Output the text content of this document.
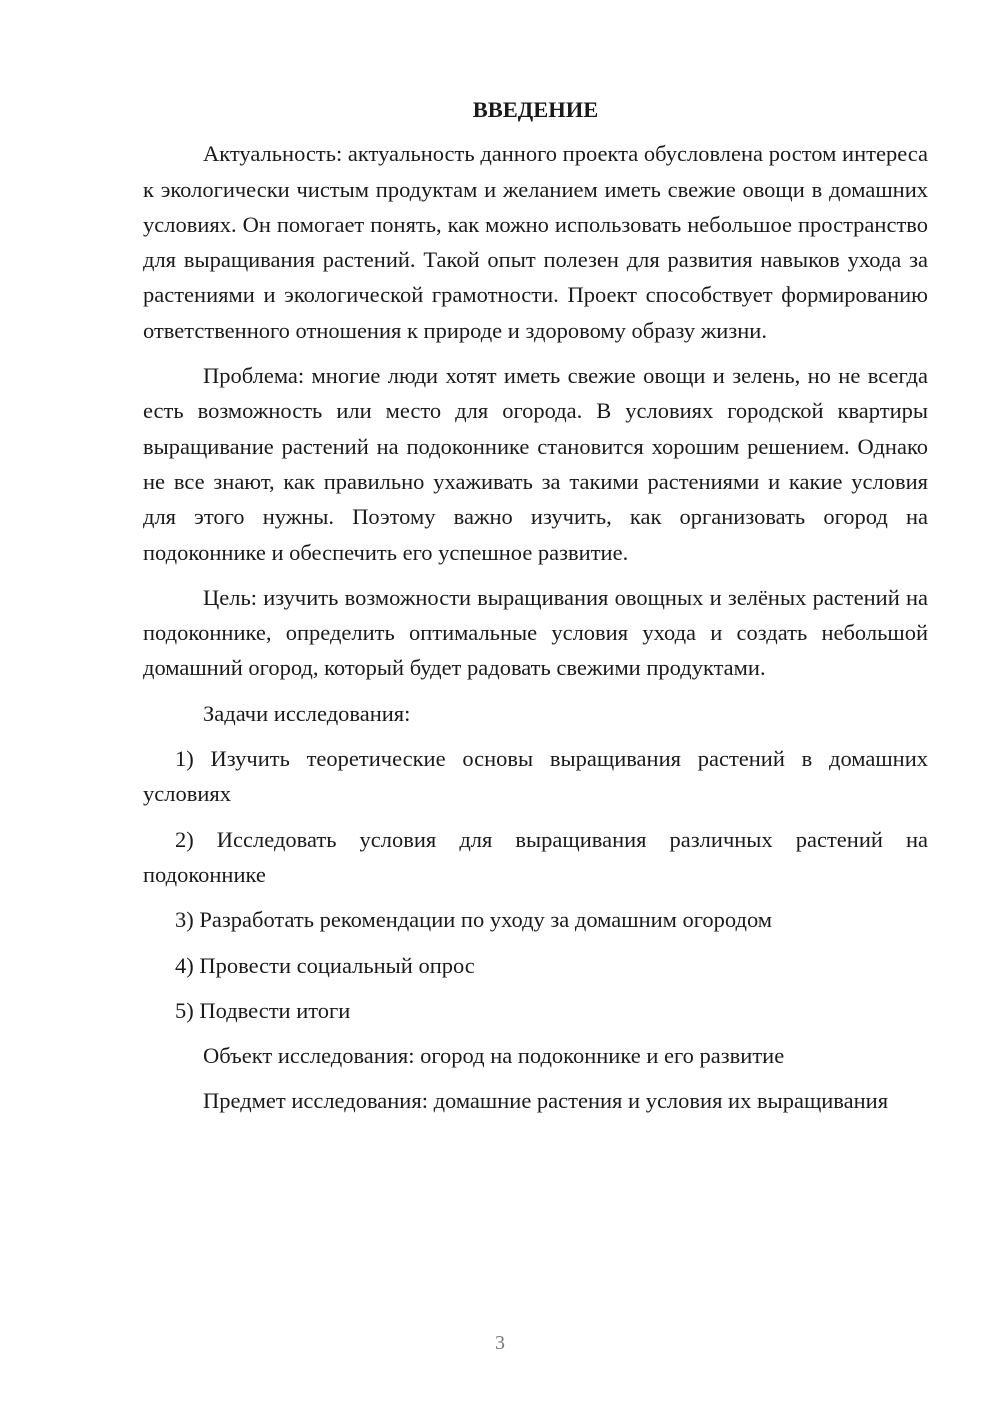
ВВЕДЕНИЕ

Актуальность: актуальность данного проекта обусловлена ростом интереса к экологически чистым продуктам и желанием иметь свежие овощи в домашних условиях. Он помогает понять, как можно использовать небольшое пространство для выращивания растений. Такой опыт полезен для развития навыков ухода за растениями и экологической грамотности. Проект способствует формированию ответственного отношения к природе и здоровому образу жизни.

Проблема: многие люди хотят иметь свежие овощи и зелень, но не всегда есть возможность или место для огорода. В условиях городской квартиры выращивание растений на подоконнике становится хорошим решением. Однако не все знают, как правильно ухаживать за такими растениями и какие условия для этого нужны. Поэтому важно изучить, как организовать огород на подоконнике и обеспечить его успешное развитие.

Цель: изучить возможности выращивания овощных и зелёных растений на подоконнике, определить оптимальные условия ухода и создать небольшой домашний огород, который будет радовать свежими продуктами.

Задачи исследования:

1) Изучить теоретические основы выращивания растений в домашних условиях

2) Исследовать условия для выращивания различных растений на подоконнике

3) Разработать рекомендации по уходу за домашним огородом

4) Провести социальный опрос

5) Подвести итоги

Объект исследования: огород на подоконнике и его развитие

Предмет исследования: домашние растения и условия их выращивания

3
